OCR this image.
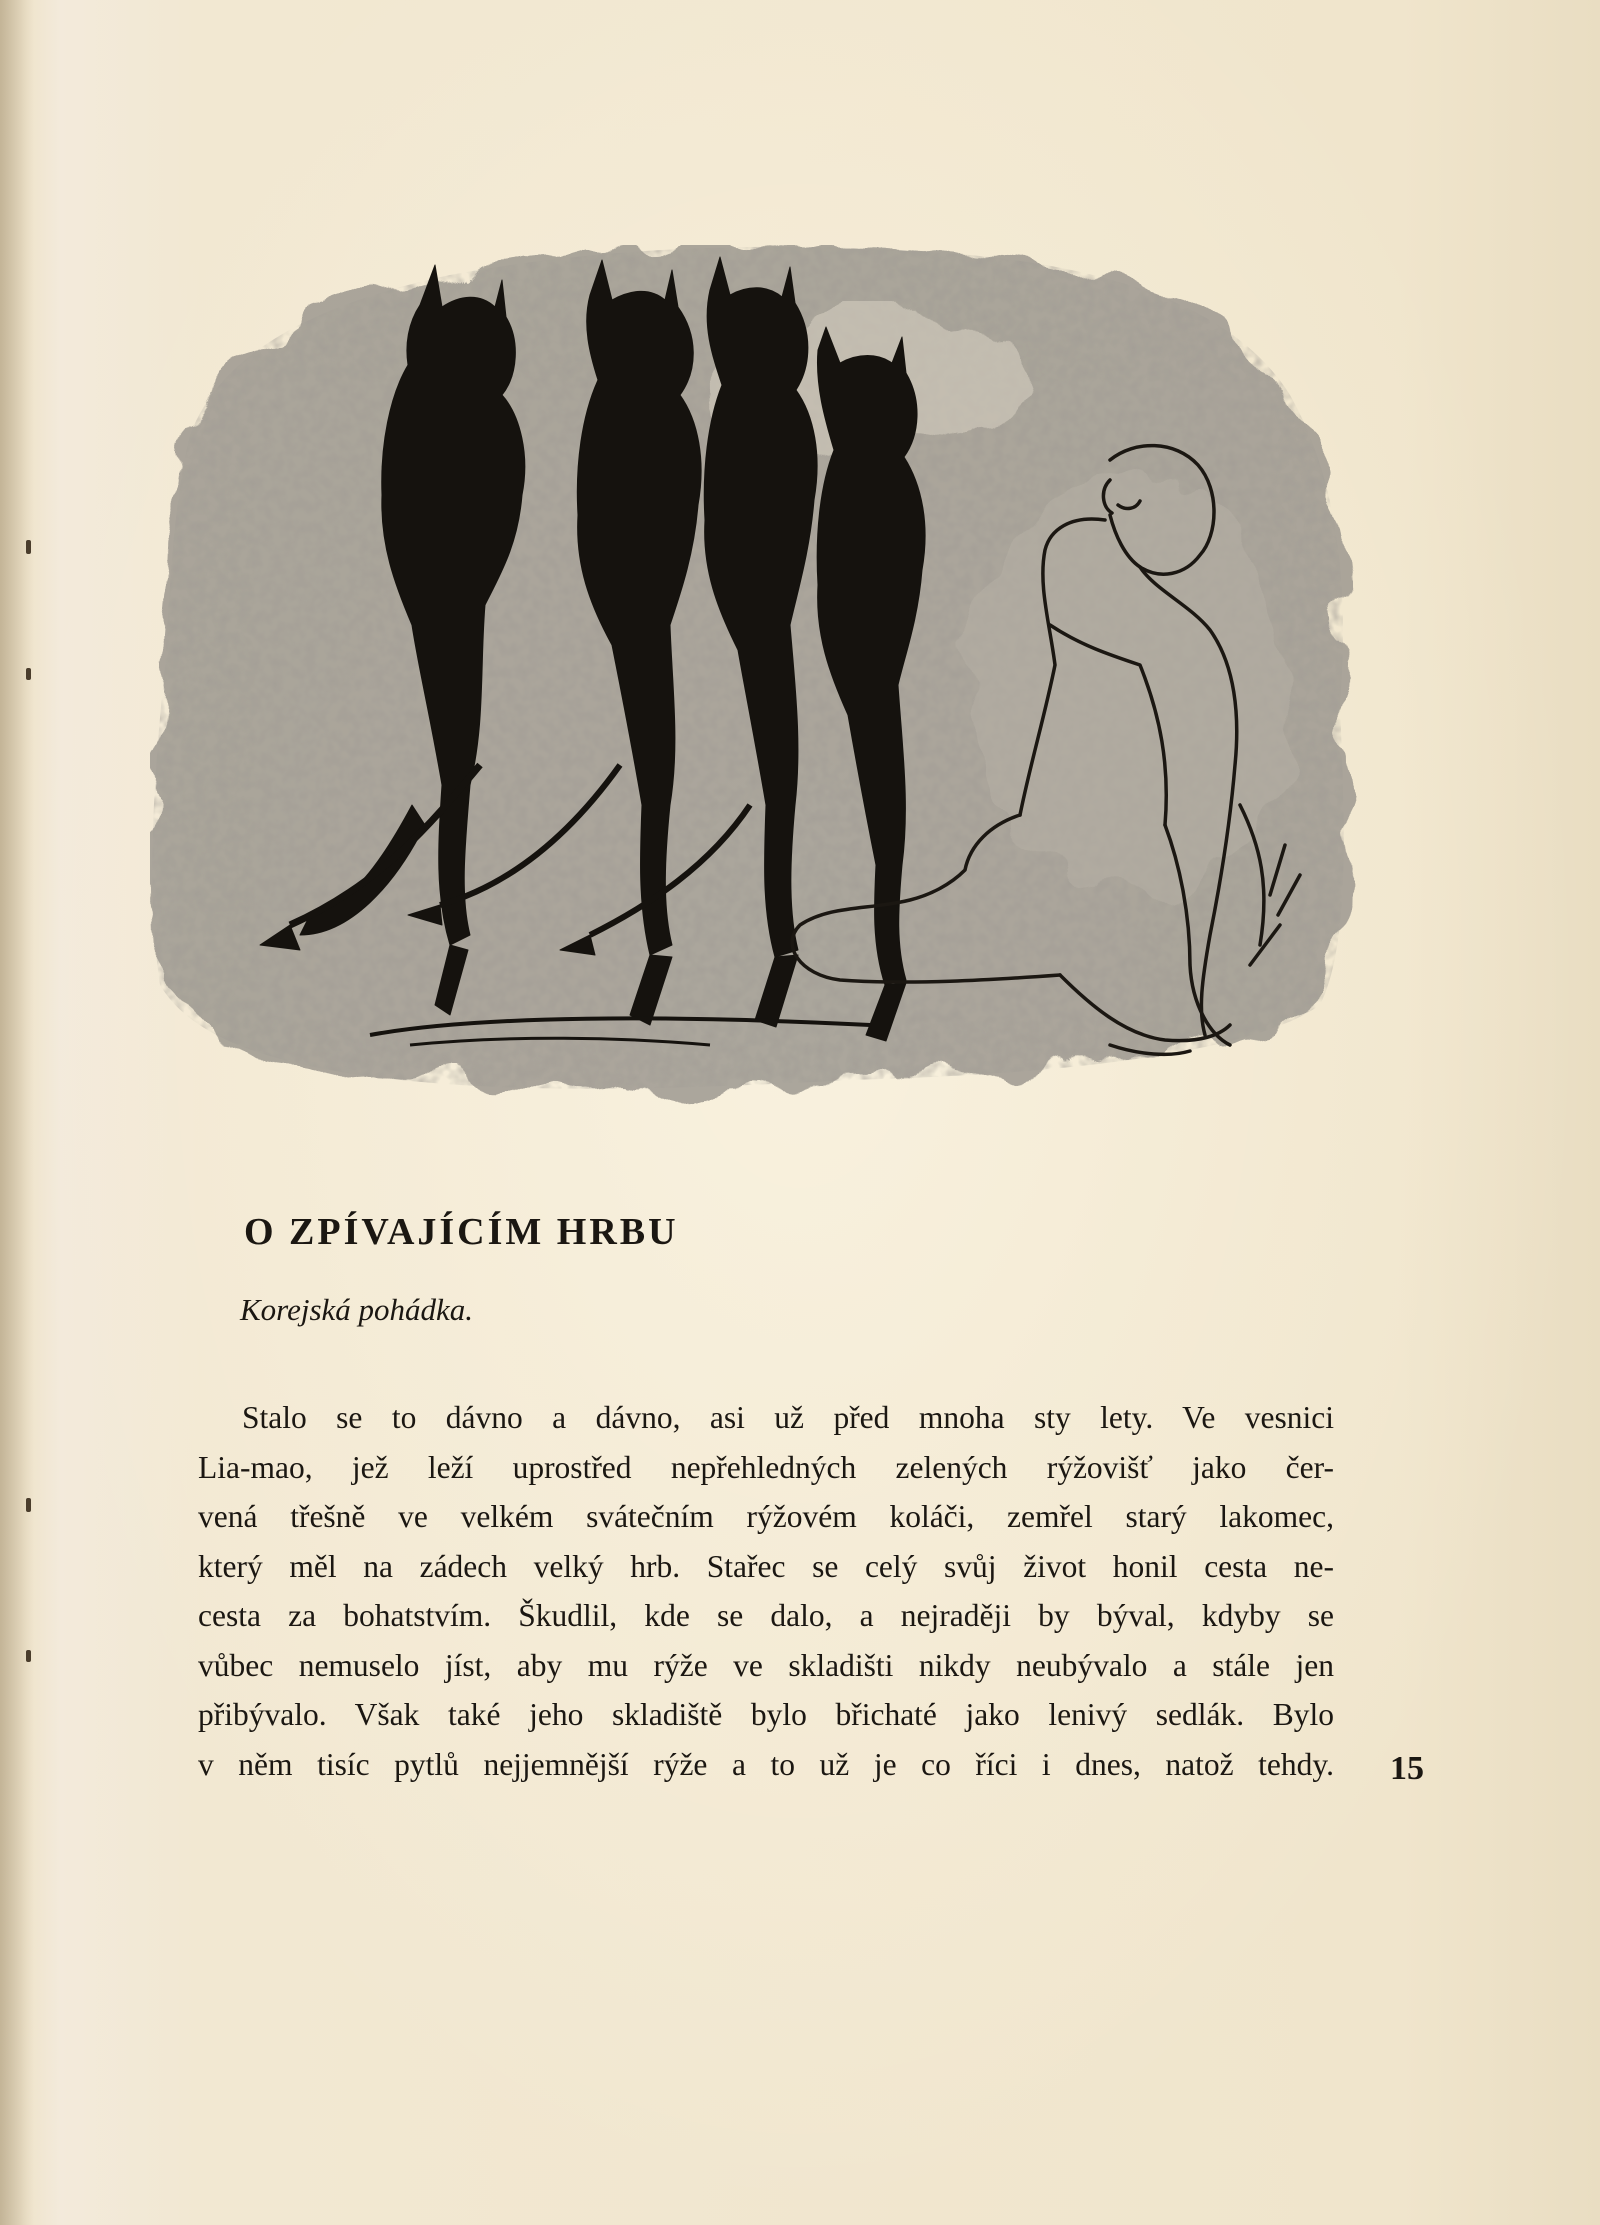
O ZPÍVAJÍCÍM HRBU

Korejská pohádka.

Stalo se to dávno a dávno, asi už před mnoha sty lety. Ve vesnici
Lia-mao, jež leží uprostřed nepřehledných zelených rýžovišť jako čer-
vená třešně ve velkém svátečním rýžovém koláči, zemřel starý lakomec,
který měl na zádech velký hrb. Stařec se celý svůj život honil cesta ne-
cesta za bohatstvím. Škudlil, kde se dalo, a nejraději by býval, kdyby se
vůbec nemuselo jíst, aby mu rýže ve skladišti nikdy neubývalo a stále jen
přibývalo. Však také jeho skladiště bylo břichaté jako lenivý sedlák. Bylo
v něm tisíc pytlů nejjemnější rýže a to už je co říci i dnes, natož tehdy. 15
